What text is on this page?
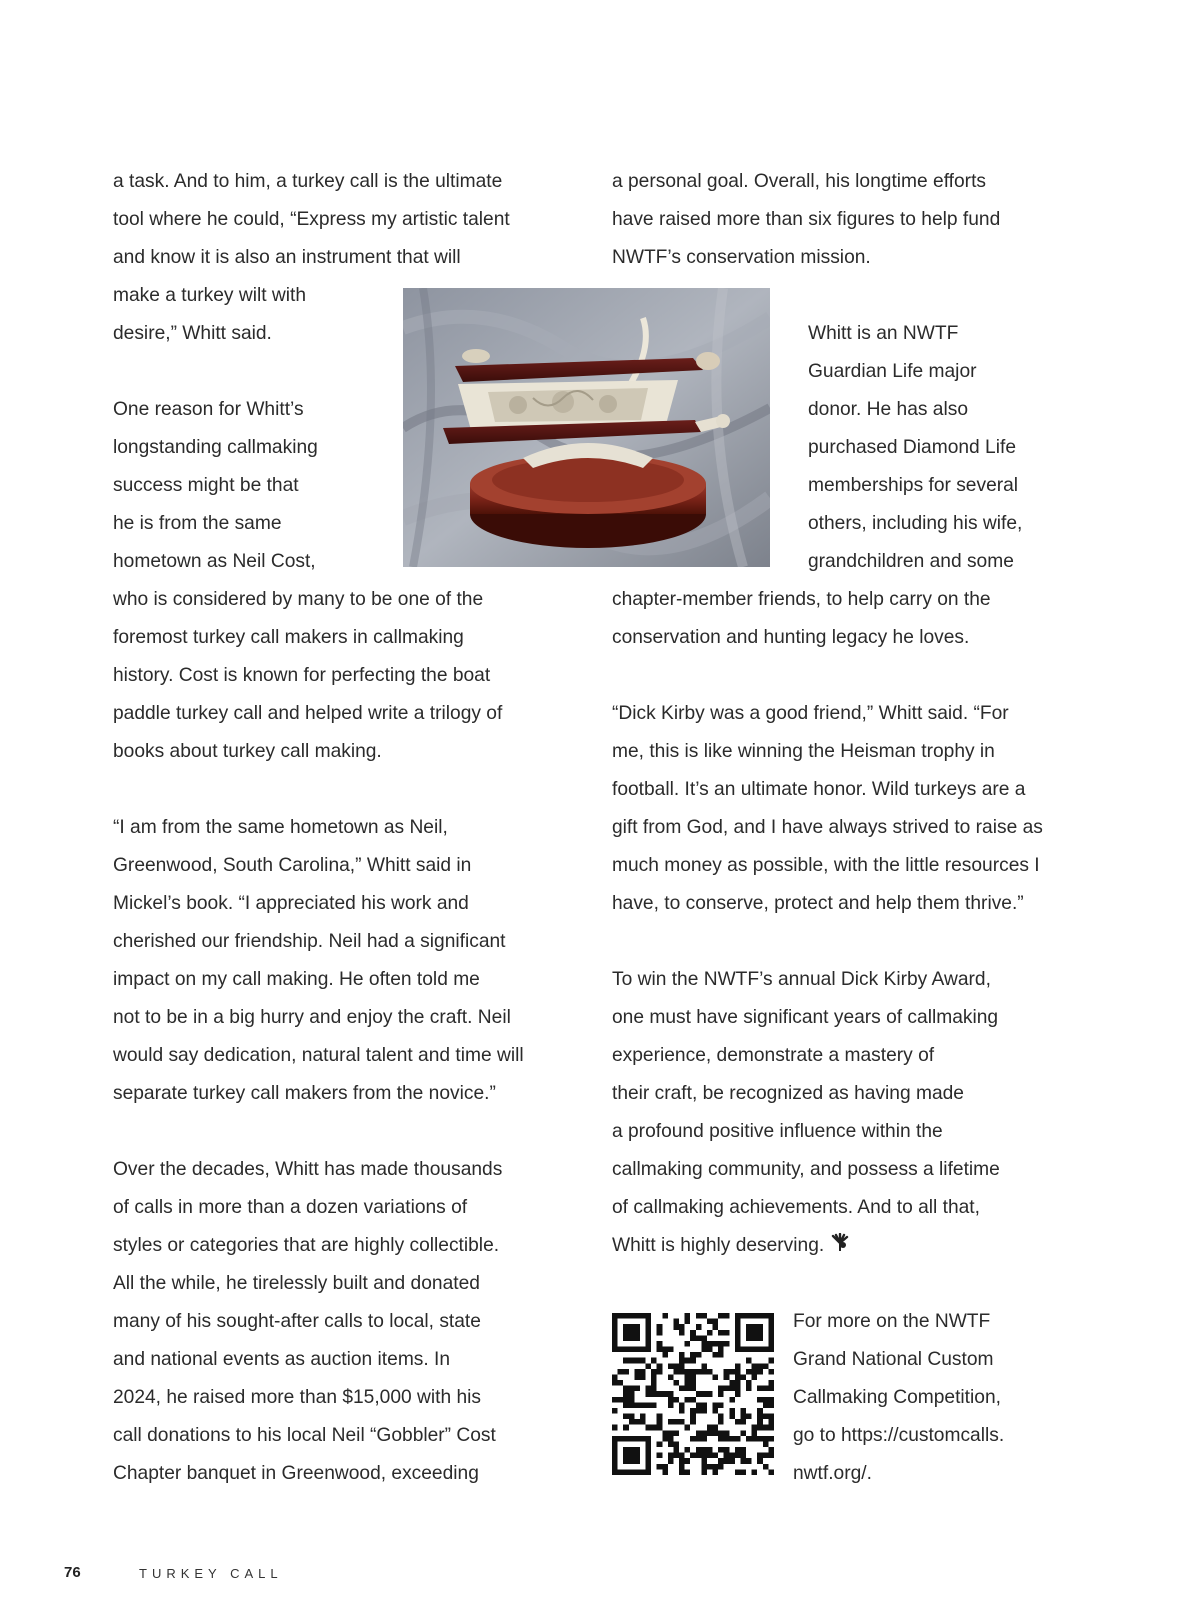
a task. And to him, a turkey call is the ultimate
tool where he could, “Express my artistic talent
and know it is also an instrument that will
make a turkey wilt with
desire,” Whitt said.
One reason for Whitt’s
longstanding callmaking
success might be that
he is from the same
hometown as Neil Cost,
who is considered by many to be one of the
foremost turkey call makers in callmaking
history. Cost is known for perfecting the boat
paddle turkey call and helped write a trilogy of
books about turkey call making.
“I am from the same hometown as Neil,
Greenwood, South Carolina,” Whitt said in
Mickel’s book. “I appreciated his work and
cherished our friendship. Neil had a significant
impact on my call making. He often told me
not to be in a big hurry and enjoy the craft. Neil
would say dedication, natural talent and time will
separate turkey call makers from the novice.”
Over the decades, Whitt has made thousands
of calls in more than a dozen variations of
styles or categories that are highly collectible.
All the while, he tirelessly built and donated
many of his sought-after calls to local, state
and national events as auction items. In
2024, he raised more than $15,000 with his
call donations to his local Neil “Gobbler” Cost
Chapter banquet in Greenwood, exceeding
a personal goal. Overall, his longtime efforts
have raised more than six figures to help fund
NWTF’s conservation mission.
Whitt is an NWTF
Guardian Life major
donor. He has also
purchased Diamond Life
memberships for several
others, including his wife,
grandchildren and some
chapter-member friends, to help carry on the
conservation and hunting legacy he loves.
“Dick Kirby was a good friend,” Whitt said. “For
me, this is like winning the Heisman trophy in
football. It’s an ultimate honor. Wild turkeys are a
gift from God, and I have always strived to raise as
much money as possible, with the little resources I
have, to conserve, protect and help them thrive.”
To win the NWTF’s annual Dick Kirby Award,
one must have significant years of callmaking
experience, demonstrate a mastery of
their craft, be recognized as having made
a profound positive influence within the
callmaking community, and possess a lifetime
of callmaking achievements. And to all that,
Whitt is highly deserving.
For more on the NWTF
Grand National Custom
Callmaking Competition,
go to https://customcalls.
nwtf.org/.
76	TURKEY CALL
